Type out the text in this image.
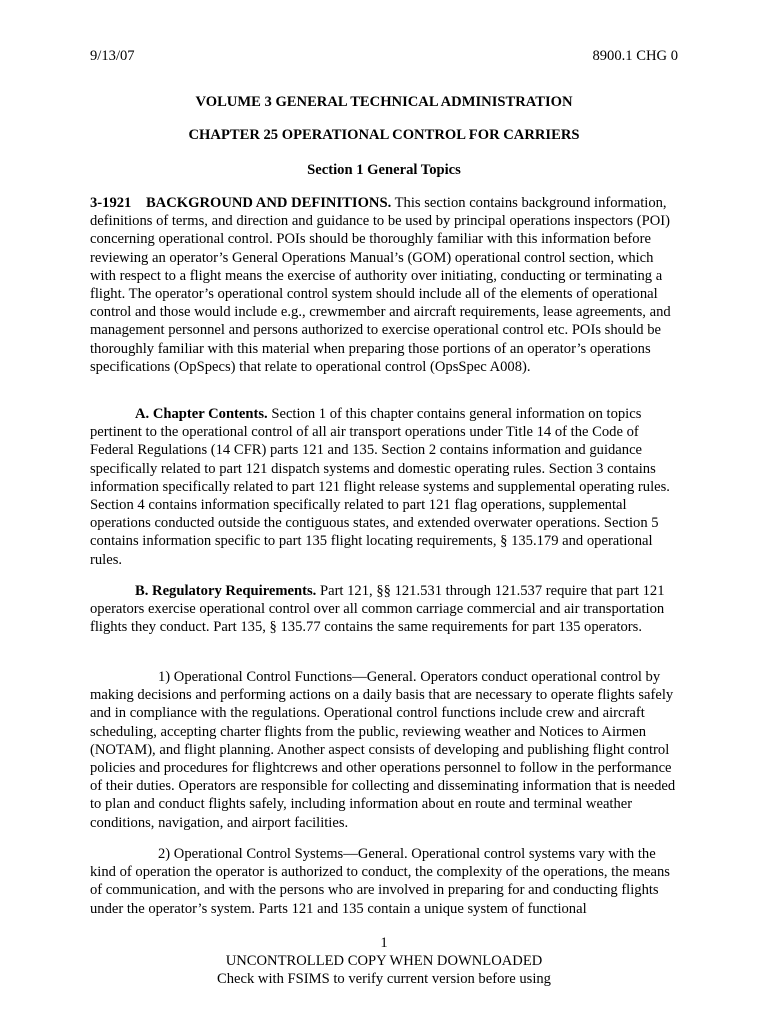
9/13/07	8900.1 CHG 0
VOLUME 3 GENERAL TECHNICAL ADMINISTRATION
CHAPTER 25 OPERATIONAL CONTROL FOR CARRIERS
Section 1 General Topics

3-1921    BACKGROUND AND DEFINITIONS. This section contains background information, definitions of terms, and direction and guidance to be used by principal operations inspectors (POI) concerning operational control. POIs should be thoroughly familiar with this information before reviewing an operator’s General Operations Manual’s (GOM) operational control section, which with respect to a flight means the exercise of authority over initiating, conducting or terminating a flight. The operator’s operational control system should include all of the elements of operational control and those would include e.g., crewmember and aircraft requirements, lease agreements, and management personnel and persons authorized to exercise operational control etc. POIs should be thoroughly familiar with this material when preparing those portions of an operator’s operations specifications (OpSpecs) that relate to operational control (OpsSpec A008).

A. Chapter Contents. Section 1 of this chapter contains general information on topics pertinent to the operational control of all air transport operations under Title 14 of the Code of Federal Regulations (14 CFR) parts 121 and 135. Section 2 contains information and guidance specifically related to part 121 dispatch systems and domestic operating rules. Section 3 contains information specifically related to part 121 flight release systems and supplemental operating rules. Section 4 contains information specifically related to part 121 flag operations, supplemental operations conducted outside the contiguous states, and extended overwater operations. Section 5 contains information specific to part 135 flight locating requirements, § 135.179 and operational rules.

B. Regulatory Requirements. Part 121, §§ 121.531 through 121.537 require that part 121 operators exercise operational control over all common carriage commercial and air transportation flights they conduct. Part 135, § 135.77 contains the same requirements for part 135 operators.

1) Operational Control Functions—General. Operators conduct operational control by making decisions and performing actions on a daily basis that are necessary to operate flights safely and in compliance with the regulations. Operational control functions include crew and aircraft scheduling, accepting charter flights from the public, reviewing weather and Notices to Airmen (NOTAM), and flight planning. Another aspect consists of developing and publishing flight control policies and procedures for flightcrews and other operations personnel to follow in the performance of their duties. Operators are responsible for collecting and disseminating information that is needed to plan and conduct flights safely, including information about en route and terminal weather conditions, navigation, and airport facilities.

2) Operational Control Systems—General. Operational control systems vary with the kind of operation the operator is authorized to conduct, the complexity of the operations, the means of communication, and with the persons who are involved in preparing for and conducting flights under the operator’s system. Parts 121 and 135 contain a unique system of functional

1
UNCONTROLLED COPY WHEN DOWNLOADED
Check with FSIMS to verify current version before using
